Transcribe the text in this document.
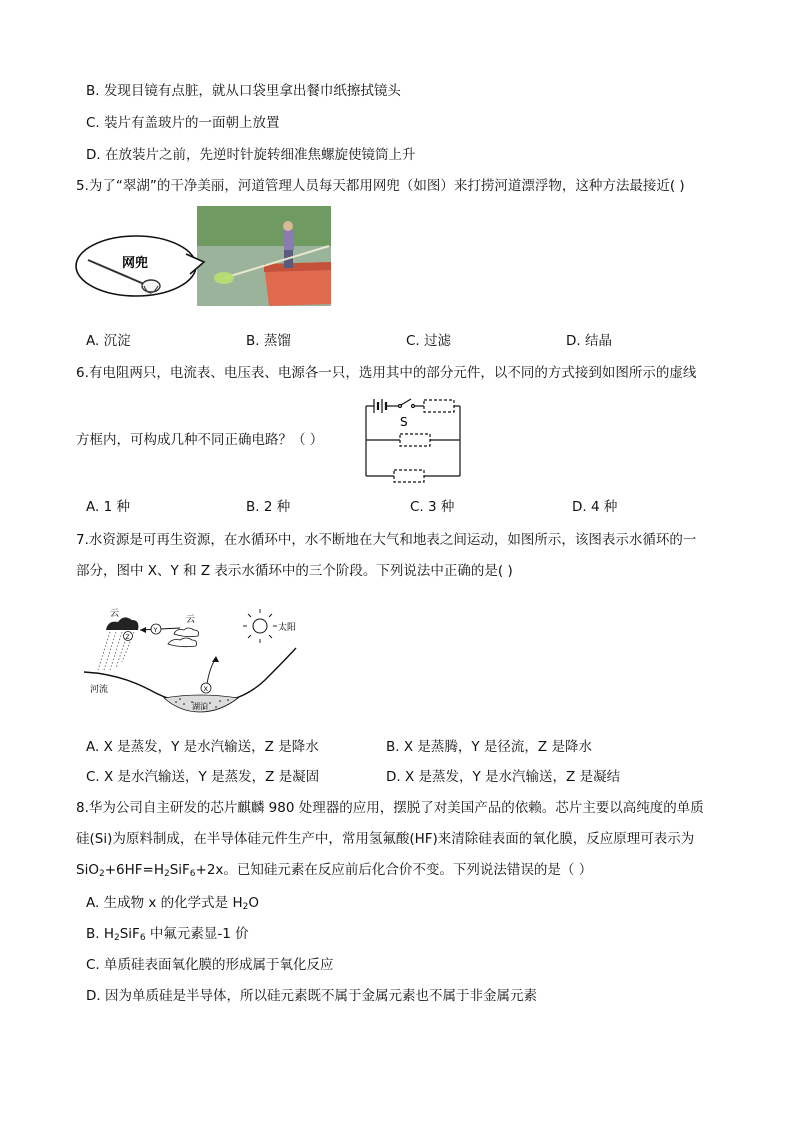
B. 发现目镜有点脏，就从口袋里拿出餐巾纸擦拭镜头
C. 装片有盖玻片的一面朝上放置
D. 在放装片之前，先逆时针旋转细准焦螺旋使镜筒上升
5.为了“翠湖”的干净美丽，河道管理人员每天都用网兜（如图）来打捞河道漂浮物，这种方法最接近( )
网兜
A. 沉淀	B. 蒸馏	C. 过滤	D. 结晶
6.有电阻两只，电流表、电压表、电源各一只，选用其中的部分元件，以不同的方式接到如图所示的虚线
方框内，可构成几种不同正确电路？（ ）
S
A. 1 种	B. 2 种	C. 3 种	D. 4 种
7.水资源是可再生资源，在水循环中，水不断地在大气和地表之间运动，如图所示，该图表示水循环的一
部分，图中 X、Y 和 Z 表示水循环中的三个阶段。下列说法中正确的是( )
湖泊
河流
云
Z
Y
云
X
太阳
A. X 是蒸发，Y 是水汽输送，Z 是降水	B. X 是蒸腾，Y 是径流，Z 是降水
C. X 是水汽输送，Y 是蒸发，Z 是凝固	D. X 是蒸发，Y 是水汽输送，Z 是凝结
8.华为公司自主研发的芯片麒麟 980 处理器的应用，摆脱了对美国产品的依赖。芯片主要以高纯度的单质
硅(Si)为原料制成，在半导体硅元件生产中，常用氢氟酸(HF)来清除硅表面的氧化膜，反应原理可表示为
$SiO_2+6HF=H_2SiF_6+2x$。已知硅元素在反应前后化合价不变。下列说法错误的是（ ）
A. 生成物 x 的化学式是 $H_2O$
B. $H_2SiF_6$ 中氟元素显-1 价
C. 单质硅表面氧化膜的形成属于氧化反应
D. 因为单质硅是半导体，所以硅元素既不属于金属元素也不属于非金属元素
